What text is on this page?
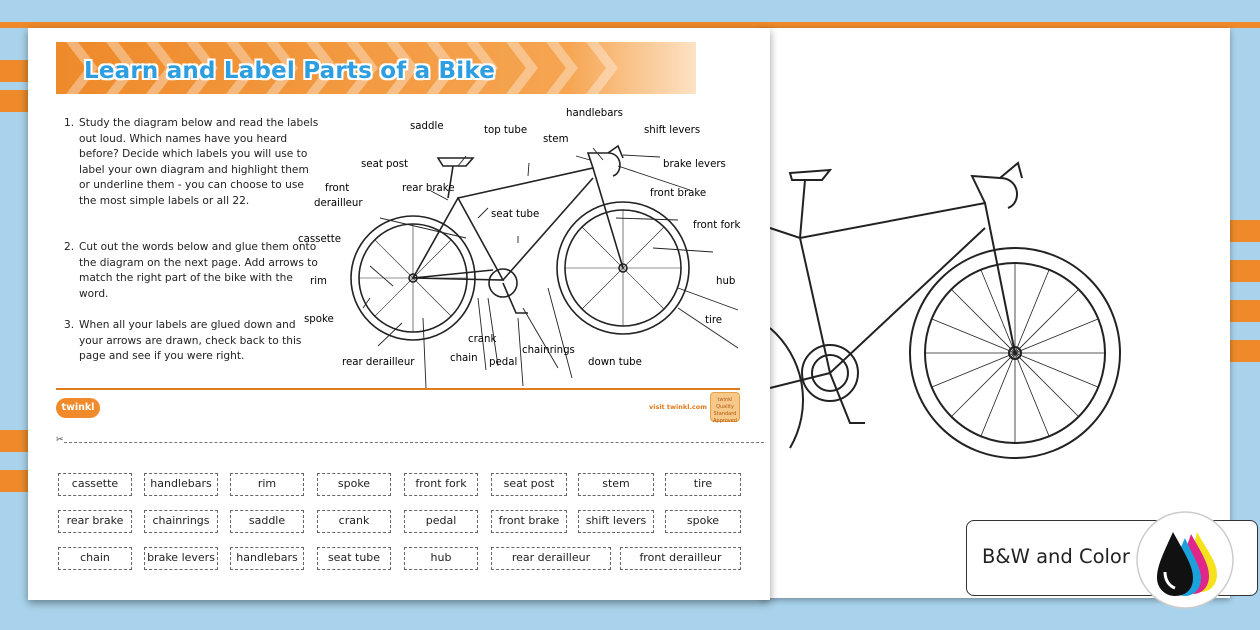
Learn and Label Parts of a Bike
1. Study the diagram below and read the labels out loud. Which names have you heard before? Decide which labels you will use to label your own diagram and highlight them or underline them - you can choose to use the most simple labels or all 22.
2. Cut out the words below and glue them onto the diagram on the next page. Add arrows to match the right part of the bike with the word.
3. When all your labels are glued down and your arrows are drawn, check back to this page and see if you were right.
saddle	top tube
handlebars
stem
shift levers
brake levers
seat post
front
derailleur
rear brake	front brake
seat tube
front fork
cassette
rim	hub
tire
spoke
crank
chainrings
rear derailleur	chain pedal	down tube
twinkl	visit twinkl.com
twinkl Quality Standard Approved
✂
cassette	handlebars	rim	spoke	front fork	seat post	stem	tire
rear brake	chainrings	saddle	crank	pedal	front brake	shift levers	spoke
chain	brake levers	handlebars	seat tube	hub	rear derailleur	front derailleur	B&W and Color
